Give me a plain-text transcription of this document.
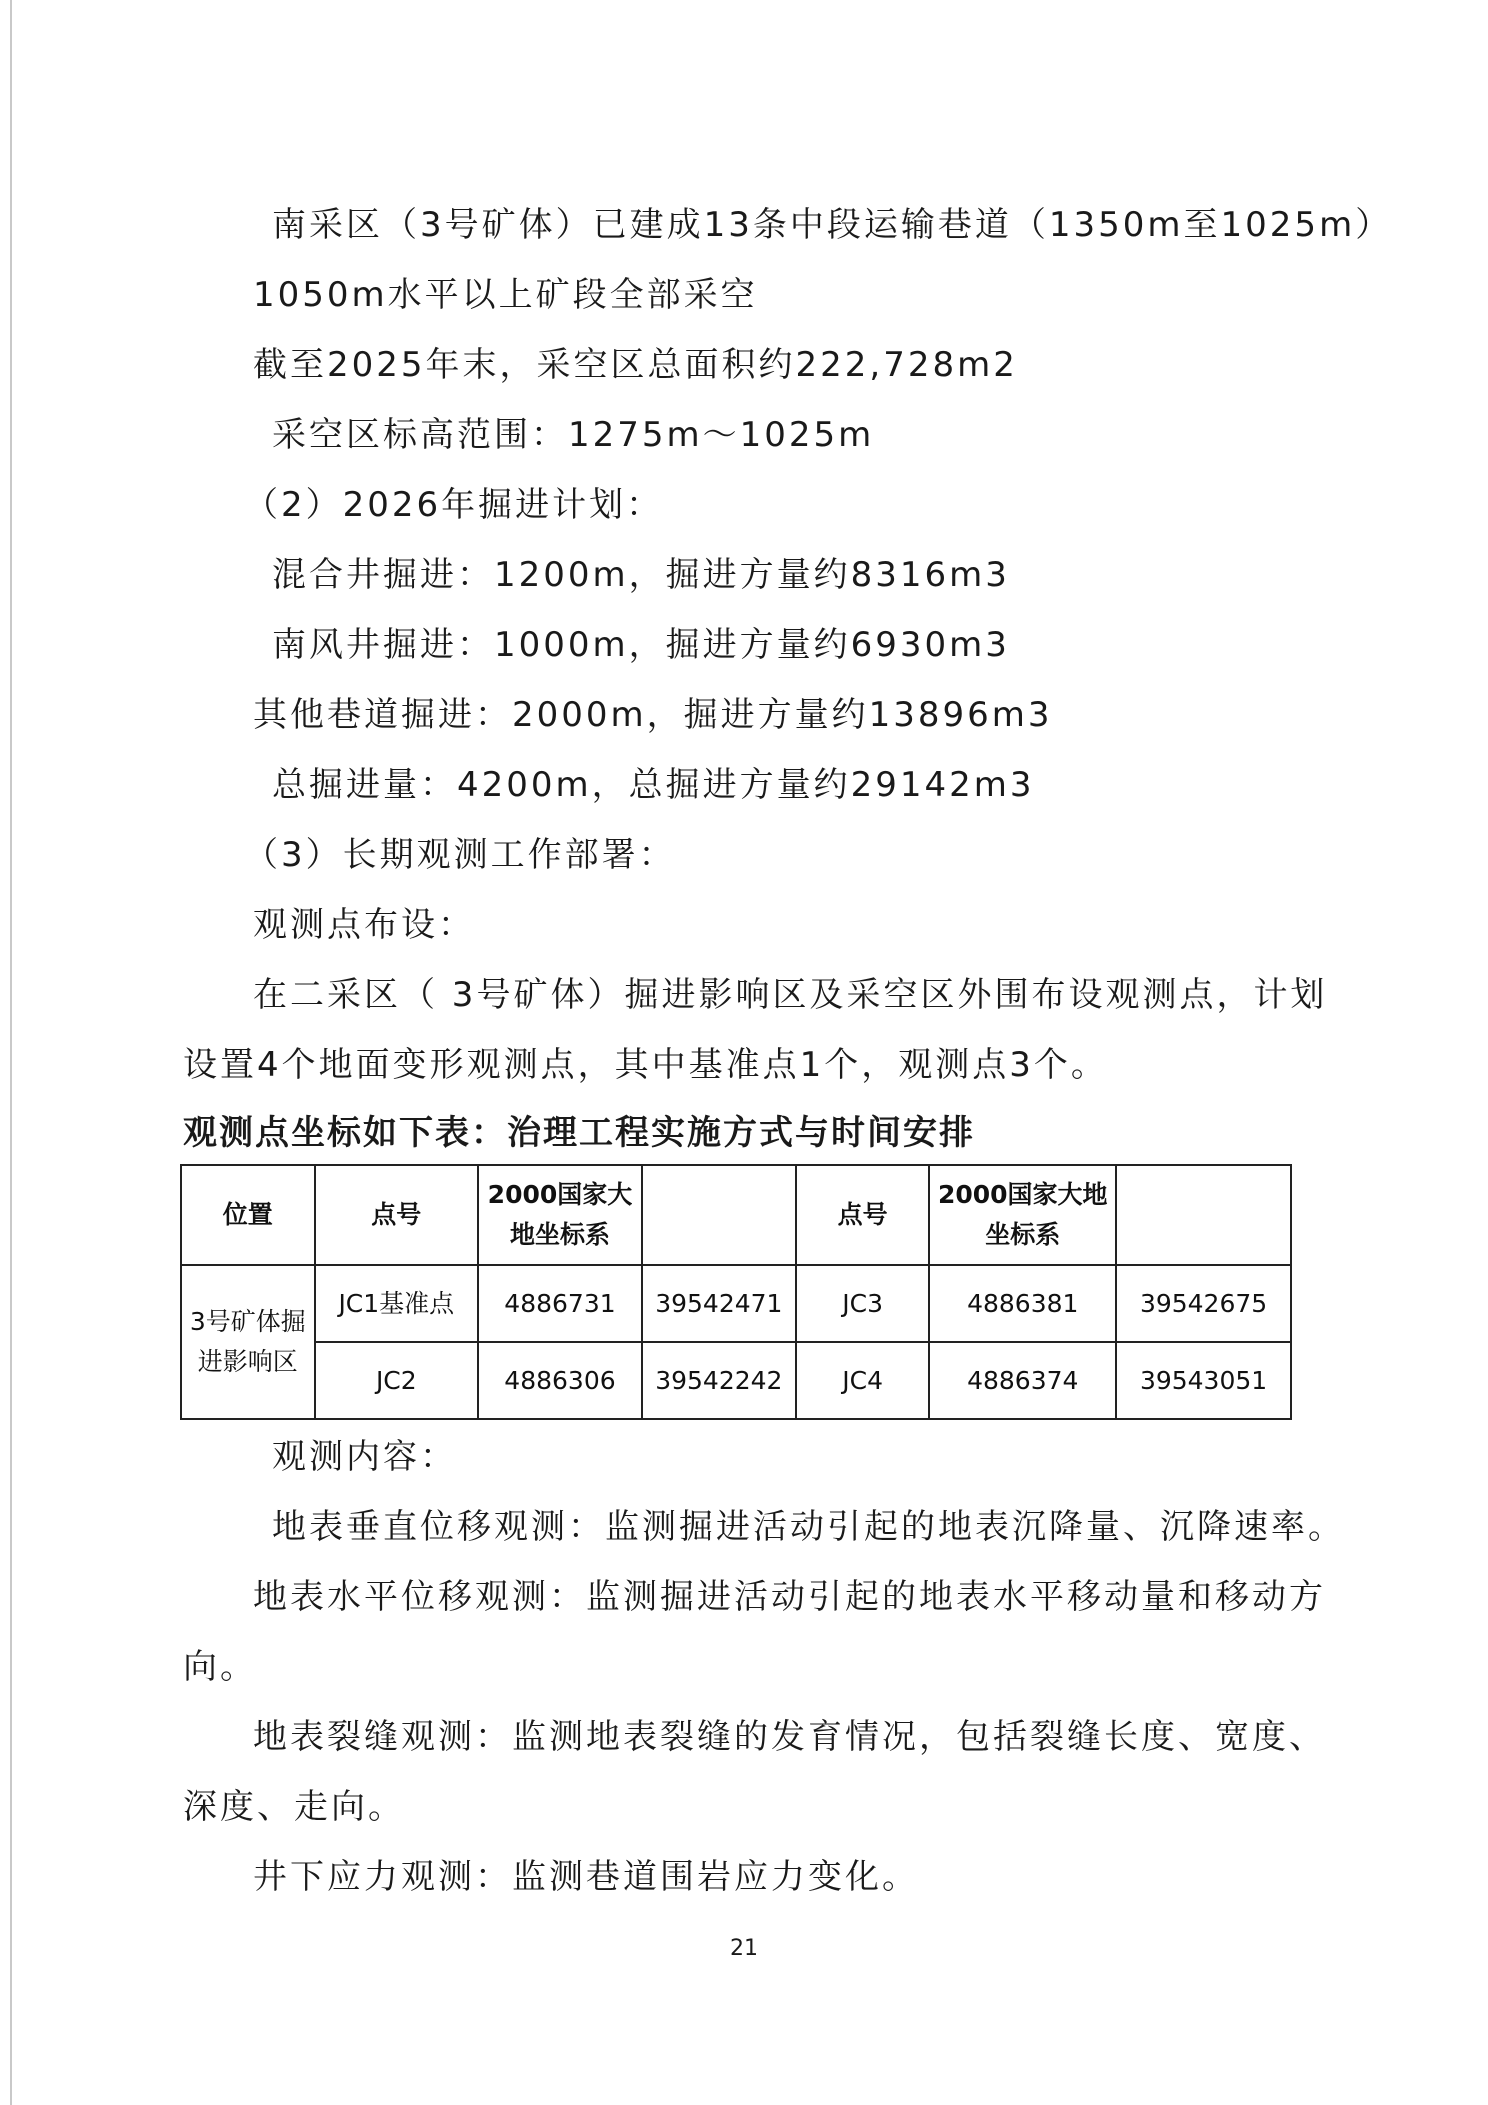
南采区（3号矿体）已建成13条中段运输巷道（1350m至1025m）
1050m水平以上矿段全部采空
截至2025年末，采空区总面积约222,728m2
采空区标高范围：1275m～1025m
（2）2026年掘进计划：
混合井掘进：1200m，掘进方量约8316m3
南风井掘进：1000m，掘进方量约6930m3
其他巷道掘进：2000m，掘进方量约13896m3
总掘进量：4200m，总掘进方量约29142m3
（3）长期观测工作部署：
观测点布设：
在二采区（ 3号矿体）掘进影响区及采空区外围布设观测点，计划
设置4个地面变形观测点，其中基准点1个，观测点3个。
观测点坐标如下表：治理工程实施方式与时间安排
位置	点号	2000国家大地坐标系		点号	2000国家大地坐标系	
3号矿体掘进影响区	JC1基准点	4886731	39542471	JC3	4886381	39542675
	JC2	4886306	39542242	JC4	4886374	39543051
观测内容：
地表垂直位移观测：监测掘进活动引起的地表沉降量、沉降速率。
地表水平位移观测：监测掘进活动引起的地表水平移动量和移动方
向。
地表裂缝观测：监测地表裂缝的发育情况，包括裂缝长度、宽度、
深度、走向。
井下应力观测：监测巷道围岩应力变化。
21
